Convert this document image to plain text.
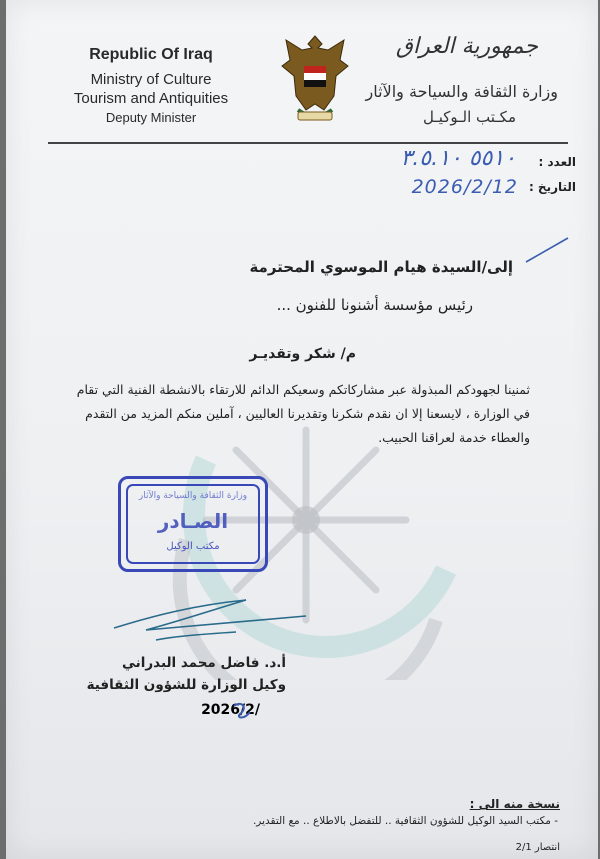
Republic Of Iraq
Ministry of Culture
Tourism and Antiquities
Deputy Minister
جمهورية العراق
وزارة الثقافة والسياحة والآثار
مكـتب الـوكيـل
العدد :
التاريخ :
٥٥١٠ ٣.٥.١٠
2026/2/12
إلى/السيدة هيام الموسوي المحترمة
رئيس مؤسسة أشنونا للفنون ...
م/ شكر وتقديـر
ثمنينا لجهودكم المبذولة عبر مشاركاتكم وسعيكم الدائم للارتقاء بالانشطة الفنية التي تقام في الوزارة ، لايسعنا إلا ان نقدم شكرنا وتقديرنا العاليين ، آملين منكم المزيد من التقدم والعطاء خدمة لعراقنا الحبيب.
وزارة الثقافة والسياحة والآثار
الصـادر
مكتب الوكيل
أ.د. فاضل محمد البدراني
وكيل الوزارة للشؤون الثقافية
2026/2/
نسخة منه الى :
- مكتب السيد الوكيل للشؤون الثقافية .. للتفضل بالاطلاع .. مع التقدير.
انتصار 2/1
